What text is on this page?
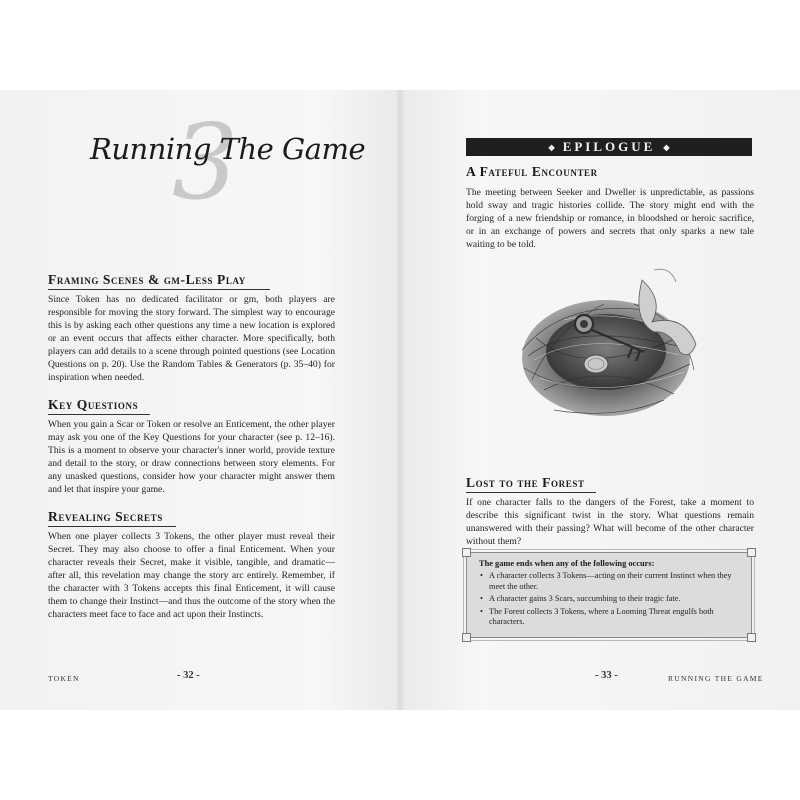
3
Running The Game
Framing Scenes & gm-Less Play

Since Token has no dedicated facilitator or gm, both players are responsible for moving the story forward. The simplest way to encourage this is by asking each other questions any time a new location is explored or an event occurs that affects either character. More specifically, both players can add details to a scene through pointed questions (see Location Questions on p. 20). Use the Random Tables & Generators (p. 35–40) for inspiration when needed.

Key Questions

When you gain a Scar or Token or resolve an Enticement, the other player may ask you one of the Key Questions for your character (see p. 12–16). This is a moment to observe your character's inner world, provide texture and detail to the story, or draw connections between story elements. For any unasked questions, consider how your character might answer them and let that inspire your game.

Revealing Secrets

When one player collects 3 Tokens, the other player must reveal their Secret. They may also choose to offer a final Enticement. When your character reveals their Secret, make it visible, tangible, and dramatic—after all, this revelation may change the story arc entirely. Remember, if the character with 3 Tokens accepts this final Enticement, it will cause them to change their Instinct—and thus the outcome of the story when the characters meet face to face and act upon their Instincts.

TOKEN	- 32 -
◆ EPILOGUE ◆
A Fateful Encounter

The meeting between Seeker and Dweller is unpredictable, as passions hold sway and tragic histories collide. The story might end with the forging of a new friendship or romance, in bloodshed or heroic sacrifice, or in an exchange of powers and secrets that only sparks a new tale waiting to be told.

Lost to the Forest

If one character falls to the dangers of the Forest, take a moment to describe this significant twist in the story. What questions remain unanswered with their passing? What will become of the other character without them?

The game ends when any of the following occurs:

• A character collects 3 Tokens—acting on their current Instinct when they meet the other.
• A character gains 3 Scars, succumbing to their tragic fate.
• The Forest collects 3 Tokens, where a Looming Threat engulfs both characters.
- 33 -	RUNNING THE GAME
